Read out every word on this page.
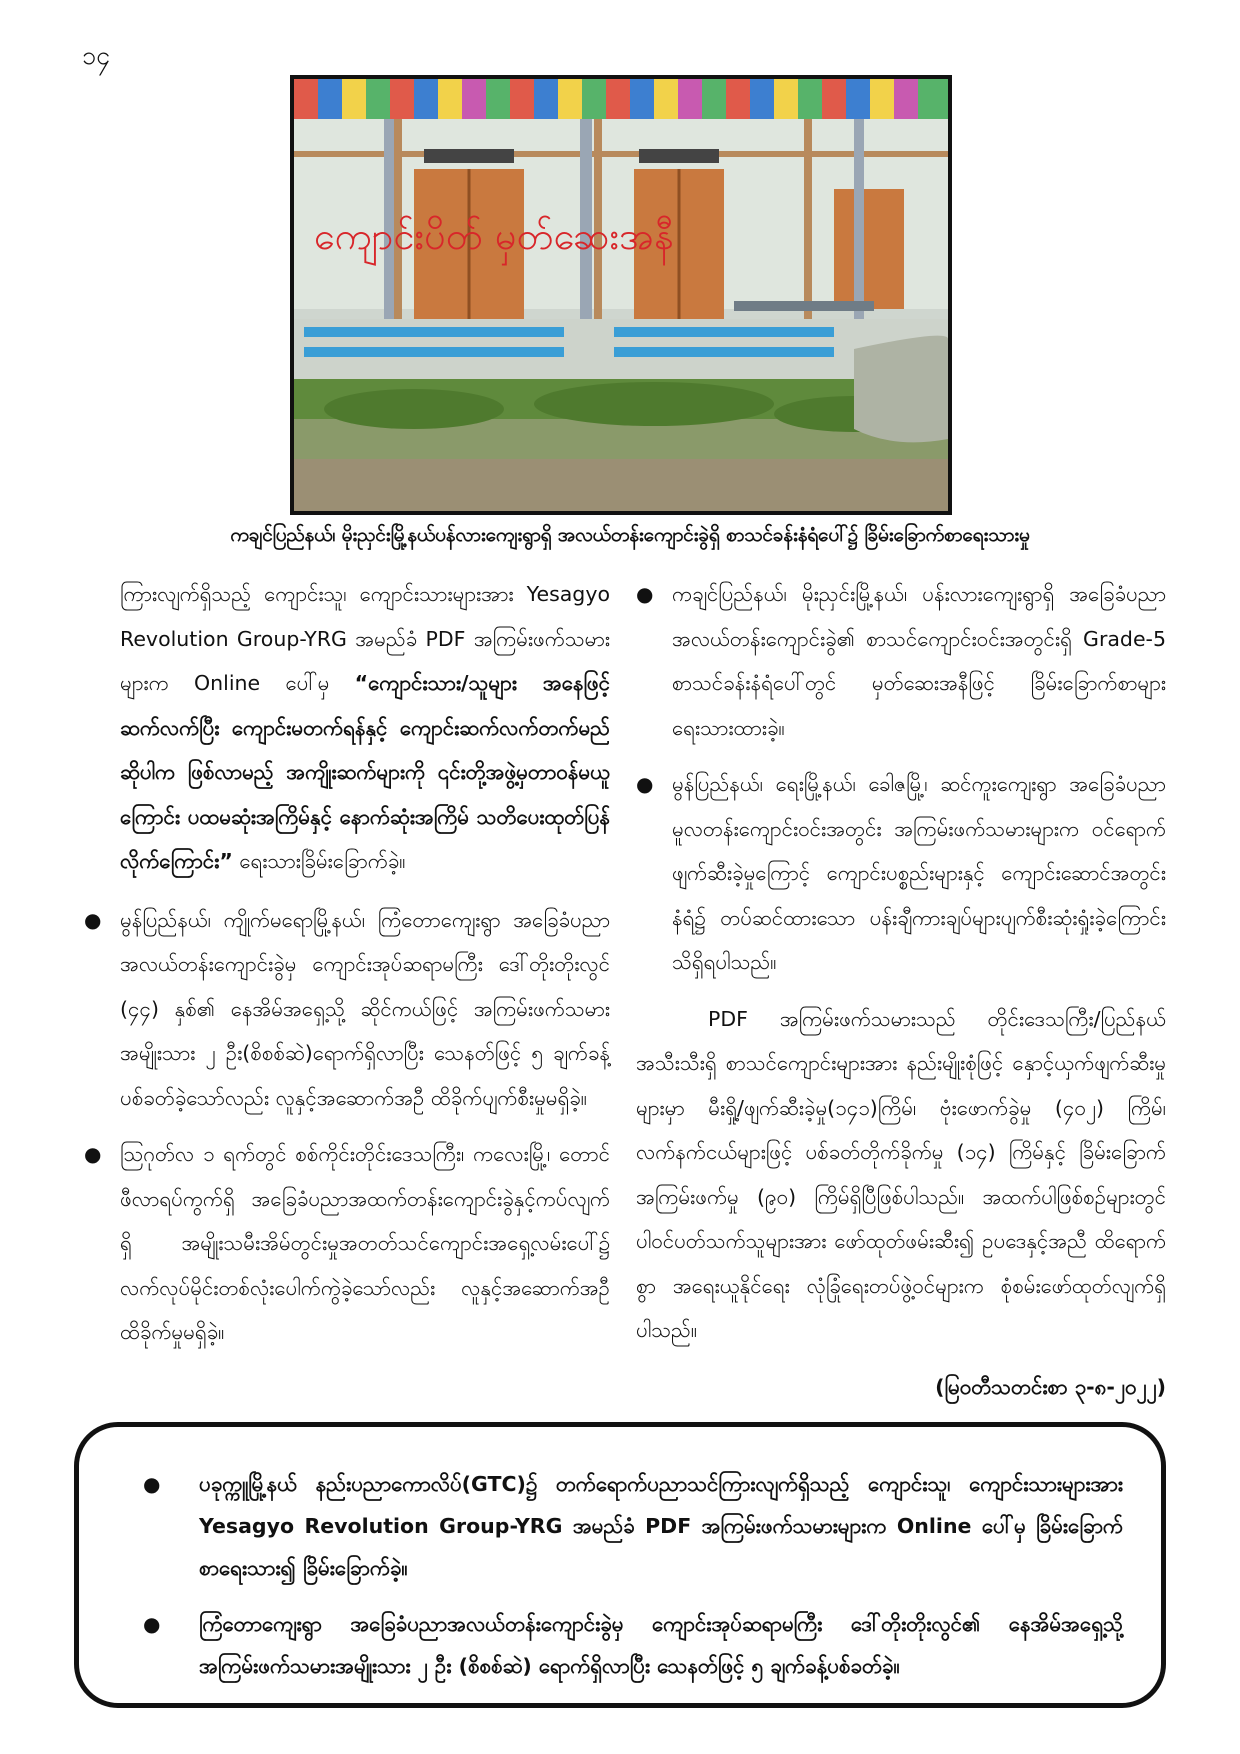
၁၄
ကျောင်းပိတ် မှတ်ဆေးအနီ
ကချင်ပြည်နယ်၊ မိုးညှင်းမြို့နယ်ပန်လားကျေးရွာရှိ အလယ်တန်းကျောင်းခွဲရှိ စာသင်ခန်းနံရံပေါ်၌ ခြိမ်းခြောက်စာရေးသားမှု

ကြားလျက်ရှိသည့် ကျောင်းသူ၊ ကျောင်းသားများအား Yesagyo Revolution Group-YRG အမည်ခံ PDF အကြမ်းဖက်သမားများက Online ပေါ်မှ “ကျောင်းသား/သူများ အနေဖြင့် ဆက်လက်ပြီး ကျောင်းမတက်ရန်နှင့် ကျောင်းဆက်လက်တက်မည်ဆိုပါက ဖြစ်လာမည့် အကျိုးဆက်များကို ၎င်းတို့အဖွဲ့မှတာဝန်မယူကြောင်း ပထမဆုံးအကြိမ်နှင့် နောက်ဆုံးအကြိမ် သတိပေးထုတ်ပြန်လိုက်ကြောင်း” ရေးသားခြိမ်းခြောက်ခဲ့။

● မွန်ပြည်နယ်၊ ကျိုက်မရောမြို့နယ်၊ ကြံတောကျေးရွာ အခြေခံပညာအလယ်တန်းကျောင်းခွဲမှ ကျောင်းအုပ်ဆရာမကြီး ဒေါ်တိုးတိုးလွင် (၄၄) နှစ်၏ နေအိမ်အရှေ့သို့ ဆိုင်ကယ်ဖြင့် အကြမ်းဖက်သမားအမျိုးသား ၂ ဦး(စိစစ်ဆဲ)ရောက်ရှိလာပြီး သေနတ်ဖြင့် ၅ ချက်ခန့်ပစ်ခတ်ခဲ့သော်လည်း လူနှင့်အဆောက်အဦ ထိခိုက်ပျက်စီးမှုမရှိခဲ့။
● ဩဂုတ်လ ၁ ရက်တွင် စစ်ကိုင်းတိုင်းဒေသကြီး၊ ကလေးမြို့၊ တောင်ဖီလာရပ်ကွက်ရှိ အခြေခံပညာအထက်တန်းကျောင်းခွဲနှင့်ကပ်လျက်ရှိ အမျိုးသမီးအိမ်တွင်းမှုအတတ်သင်ကျောင်းအရှေ့လမ်းပေါ်၌ လက်လုပ်မိုင်းတစ်လုံးပေါက်ကွဲခဲ့သော်လည်း လူနှင့်အဆောက်အဦ ထိခိုက်မှုမရှိခဲ့။
● ကချင်ပြည်နယ်၊ မိုးညှင်းမြို့နယ်၊ ပန်းလားကျေးရွာရှိ အခြေခံပညာအလယ်တန်းကျောင်းခွဲ၏ စာသင်ကျောင်းဝင်းအတွင်းရှိ Grade-5 စာသင်ခန်းနံရံပေါ်တွင် မှတ်ဆေးအနီဖြင့် ခြိမ်းခြောက်စာများ ရေးသားထားခဲ့။
● မွန်ပြည်နယ်၊ ရေးမြို့နယ်၊ ခေါဇမြို့၊ ဆင်ကူးကျေးရွာ အခြေခံပညာမူလတန်းကျောင်းဝင်းအတွင်း အကြမ်းဖက်သမားများက ဝင်ရောက်ဖျက်ဆီးခဲ့မှုကြောင့် ကျောင်းပစ္စည်းများနှင့် ကျောင်းဆောင်အတွင်းနံရံ၌ တပ်ဆင်ထားသော ပန်းချီကားချပ်များပျက်စီးဆုံးရှုံးခဲ့ကြောင်း သိရှိရပါသည်။

PDF အကြမ်းဖက်သမားသည် တိုင်းဒေသကြီး/ပြည်နယ်အသီးသီးရှိ စာသင်ကျောင်းများအား နည်းမျိုးစုံဖြင့် နှောင့်ယှက်ဖျက်ဆီးမှုများမှာ မီးရှို့/ဖျက်ဆီးခဲ့မှု(၁၄၁)ကြိမ်၊ ဗုံးဖောက်ခွဲမှု (၄၀၂) ကြိမ်၊ လက်နက်ငယ်များဖြင့် ပစ်ခတ်တိုက်ခိုက်မှု (၁၄) ကြိမ်နှင့် ခြိမ်းခြောက်အကြမ်းဖက်မှု (၉၀) ကြိမ်ရှိပြီဖြစ်ပါသည်။ အထက်ပါဖြစ်စဉ်များတွင် ပါဝင်ပတ်သက်သူများအား ဖော်ထုတ်ဖမ်းဆီး၍ ဥပဒေနှင့်အညီ ထိရောက်စွာ အရေးယူနိုင်ရေး လုံခြုံရေးတပ်ဖွဲ့ဝင်များက စုံစမ်းဖော်ထုတ်လျက်ရှိပါသည်။

(မြဝတီသတင်းစာ ၃-၈-၂၀၂၂)

● ပခုက္ကူမြို့နယ် နည်းပညာကောလိပ်(GTC)၌ တက်ရောက်ပညာသင်ကြားလျက်ရှိသည့် ကျောင်းသူ၊ ကျောင်းသားများအား Yesagyo Revolution Group-YRG အမည်ခံ PDF အကြမ်းဖက်သမားများက Online ပေါ်မှ ခြိမ်းခြောက်စာရေးသား၍ ခြိမ်းခြောက်ခဲ့။
● ကြံတောကျေးရွာ အခြေခံပညာအလယ်တန်းကျောင်းခွဲမှ ကျောင်းအုပ်ဆရာမကြီး ဒေါ်တိုးတိုးလွင်၏ နေအိမ်အရှေ့သို့ အကြမ်းဖက်သမားအမျိုးသား ၂ ဦး (စိစစ်ဆဲ) ရောက်ရှိလာပြီး သေနတ်ဖြင့် ၅ ချက်ခန့်ပစ်ခတ်ခဲ့။
